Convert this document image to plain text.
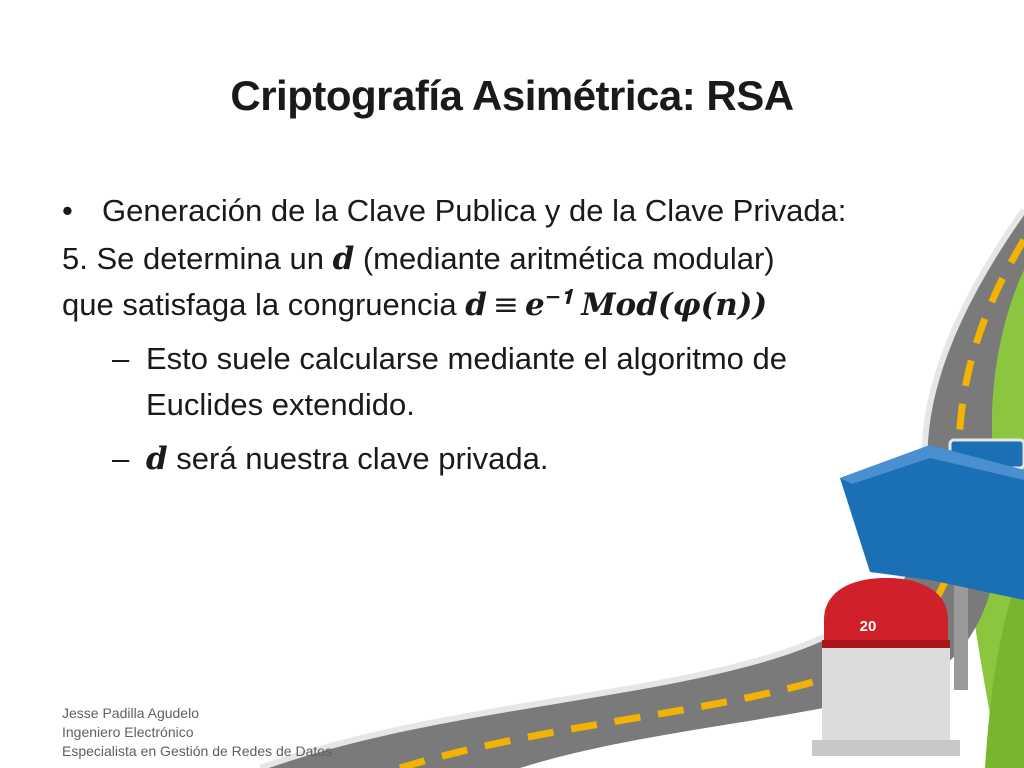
Criptografía Asimétrica: RSA
• Generación de la Clave Publica y de la Clave Privada:
5. Se determina un 𝒅 (mediante aritmética modular)
que satisfaga la congruencia 𝒅 ≡ 𝒆$^{-𝟏}$ 𝑴𝒐𝒅(𝝋(𝒏))
– Esto suele calcularse mediante el algoritmo de Euclides extendido.
– 𝒅 será nuestra clave privada.
20
Jesse Padilla Agudelo
Ingeniero Electrónico
Especialista en Gestión de Redes de Datos
